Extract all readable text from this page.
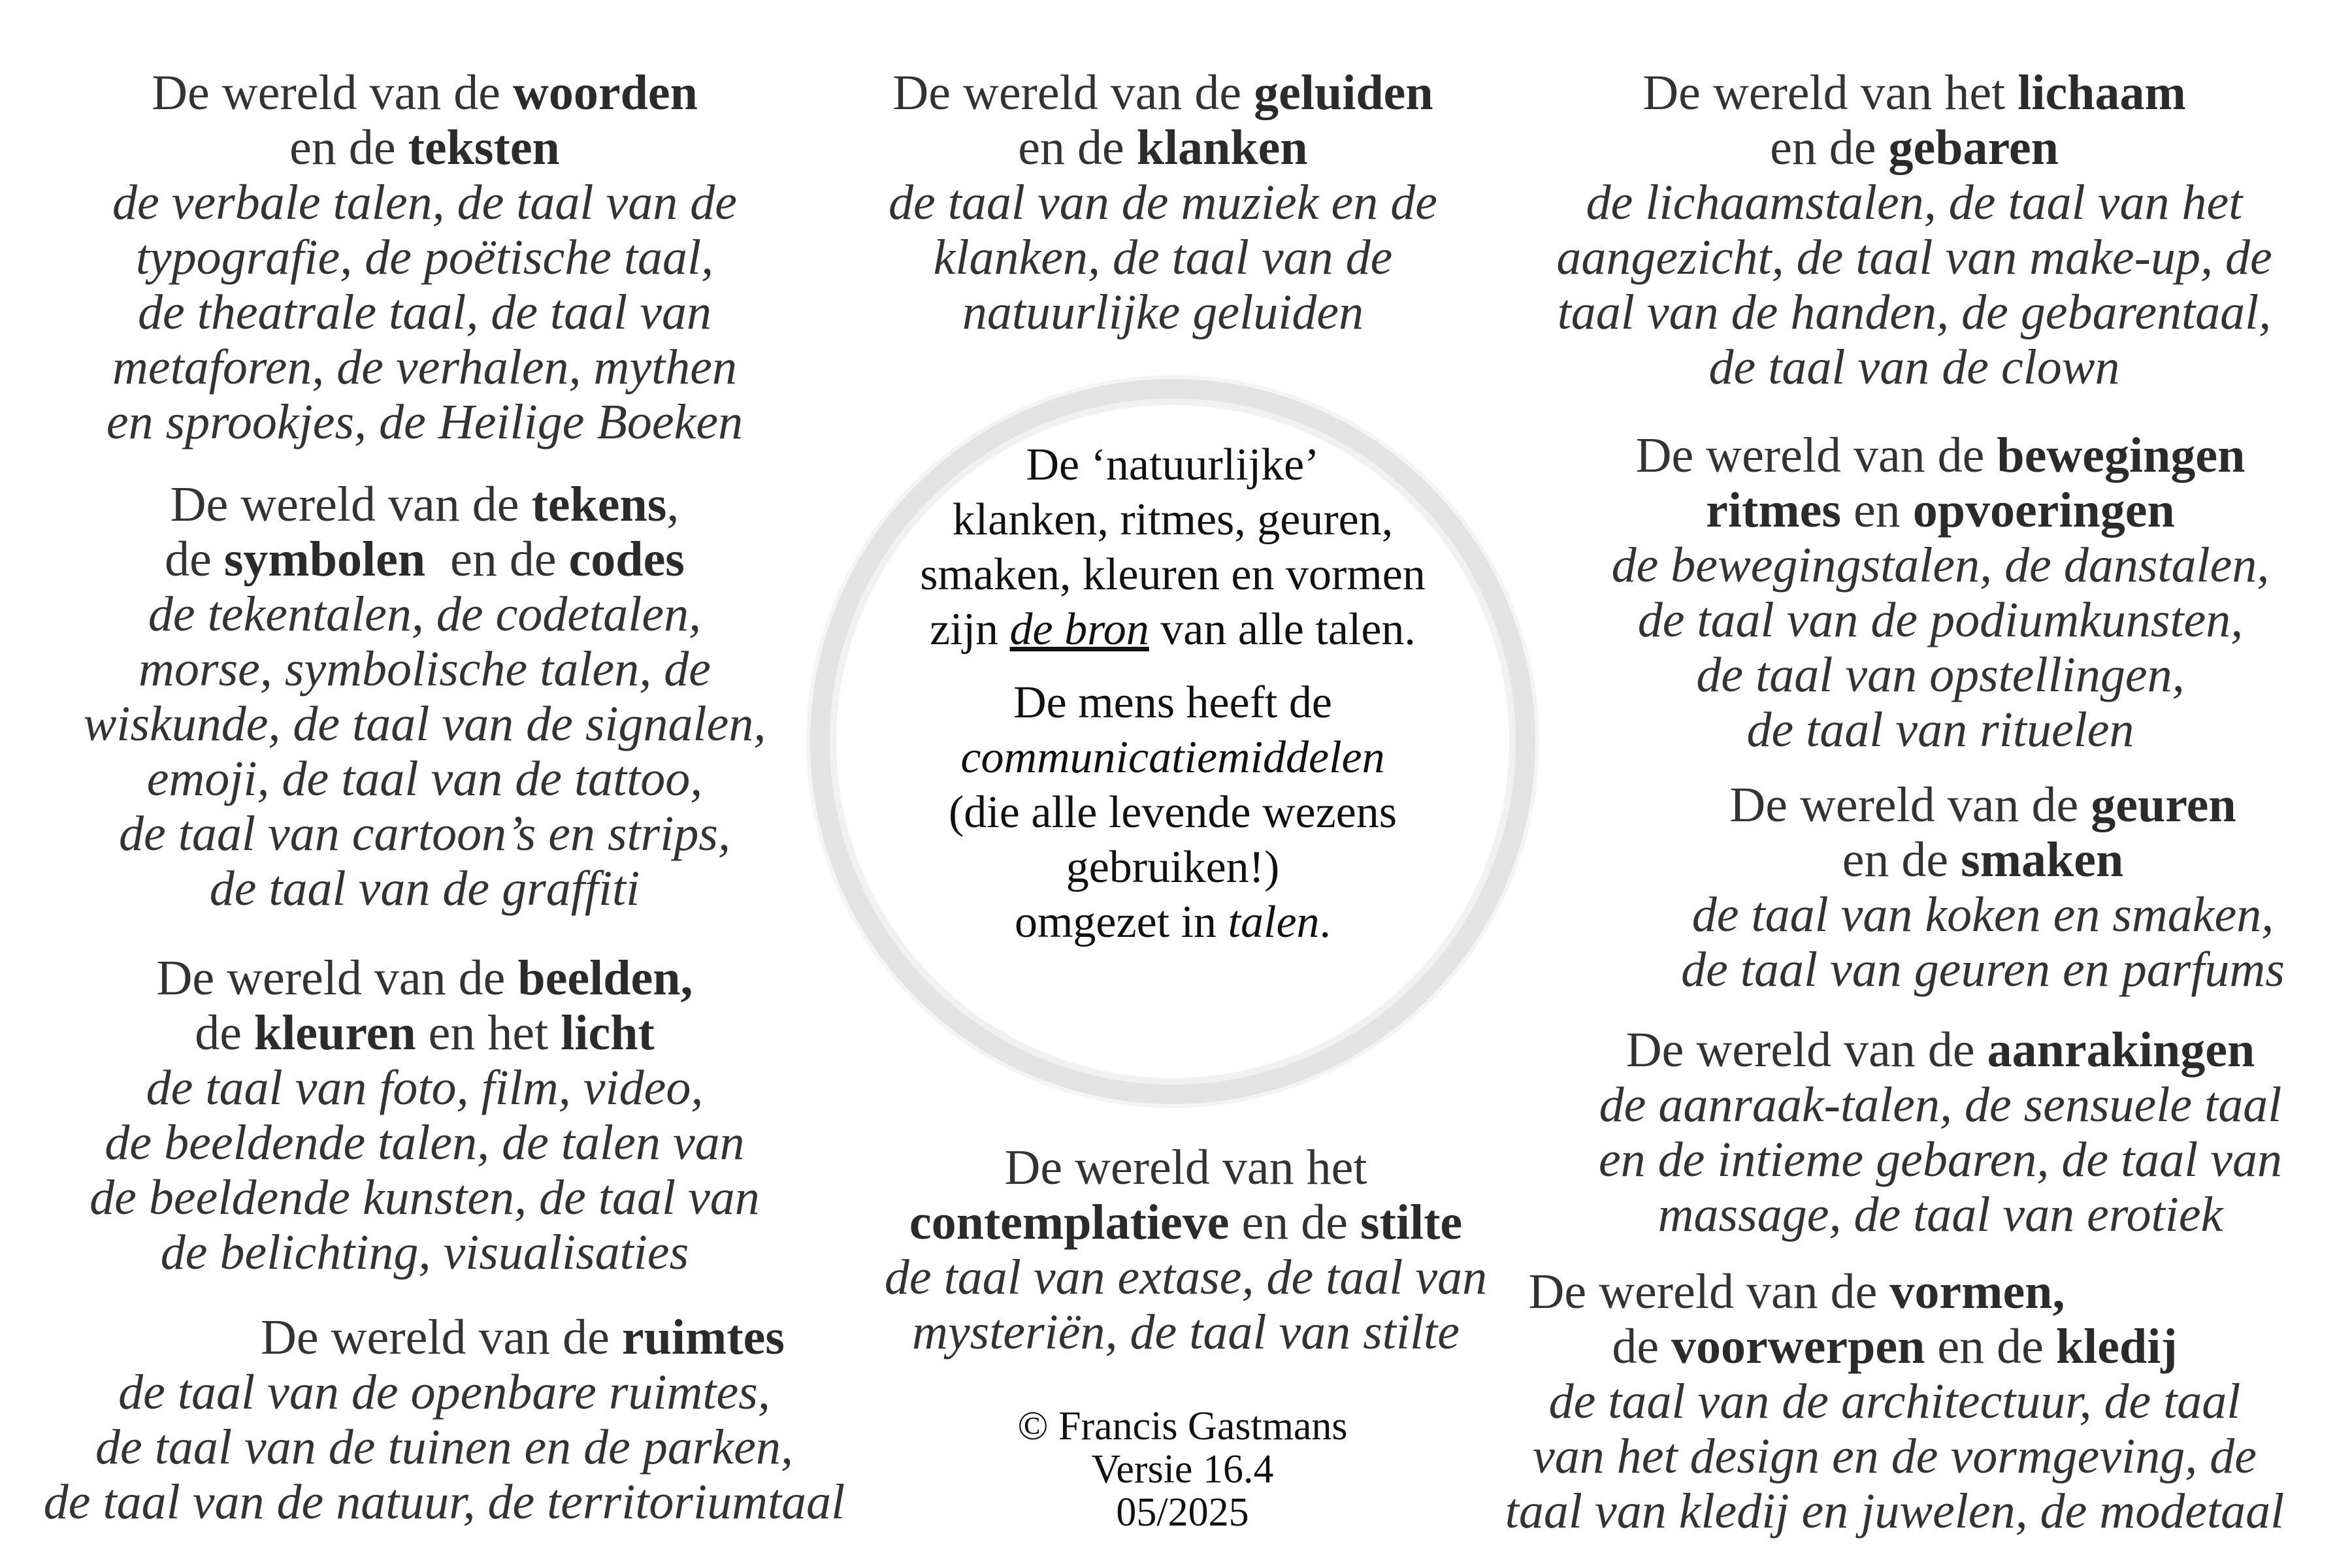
De wereld van de woorden
en de teksten
de verbale talen, de taal van de
typografie, de poëtische taal,
de theatrale taal, de taal van
metaforen, de verhalen, mythen
en sprookjes, de Heilige Boeken
De wereld van de geluiden
en de klanken
de taal van de muziek en de
klanken, de taal van de
natuurlijke geluiden
De wereld van het lichaam
en de gebaren
de lichaamstalen, de taal van het
aangezicht, de taal van make-up, de
taal van de handen, de gebarentaal,
de taal van de clown
De wereld van de tekens,
de symbolen  en de codes
de tekentalen, de codetalen,
morse, symbolische talen, de
wiskunde, de taal van de signalen,
emoji, de taal van de tattoo,
de taal van cartoon’s en strips,
de taal van de graffiti
De wereld van de bewegingen
ritmes en opvoeringen
de bewegingstalen, de danstalen,
de taal van de podiumkunsten,
de taal van opstellingen,
de taal van rituelen
De wereld van de geuren
en de smaken
de taal van koken en smaken,
de taal van geuren en parfums
De wereld van de beelden,
de kleuren en het licht
de taal van foto, film, video,
de beeldende talen, de talen van
de beeldende kunsten, de taal van
de belichting, visualisaties
De wereld van de aanrakingen
de aanraak-talen, de sensuele taal
en de intieme gebaren, de taal van
massage, de taal van erotiek
De wereld van het
contemplatieve en de stilte
de taal van extase, de taal van
mysteriën, de taal van stilte
De wereld van de ruimtes
de taal van de openbare ruimtes,
de taal van de tuinen en de parken,
de taal van de natuur, de territoriumtaal
De wereld van de vormen,
de voorwerpen en de kledij
de taal van de architectuur, de taal
van het design en de vormgeving, de
taal van kledij en juwelen, de modetaal
De ‘natuurlijke’
klanken, ritmes, geuren,
smaken, kleuren en vormen
zijn de bron van alle talen.
De mens heeft de
communicatiemiddelen
(die alle levende wezens
gebruiken!)
omgezet in talen.
© Francis Gastmans
Versie 16.4
05/2025
